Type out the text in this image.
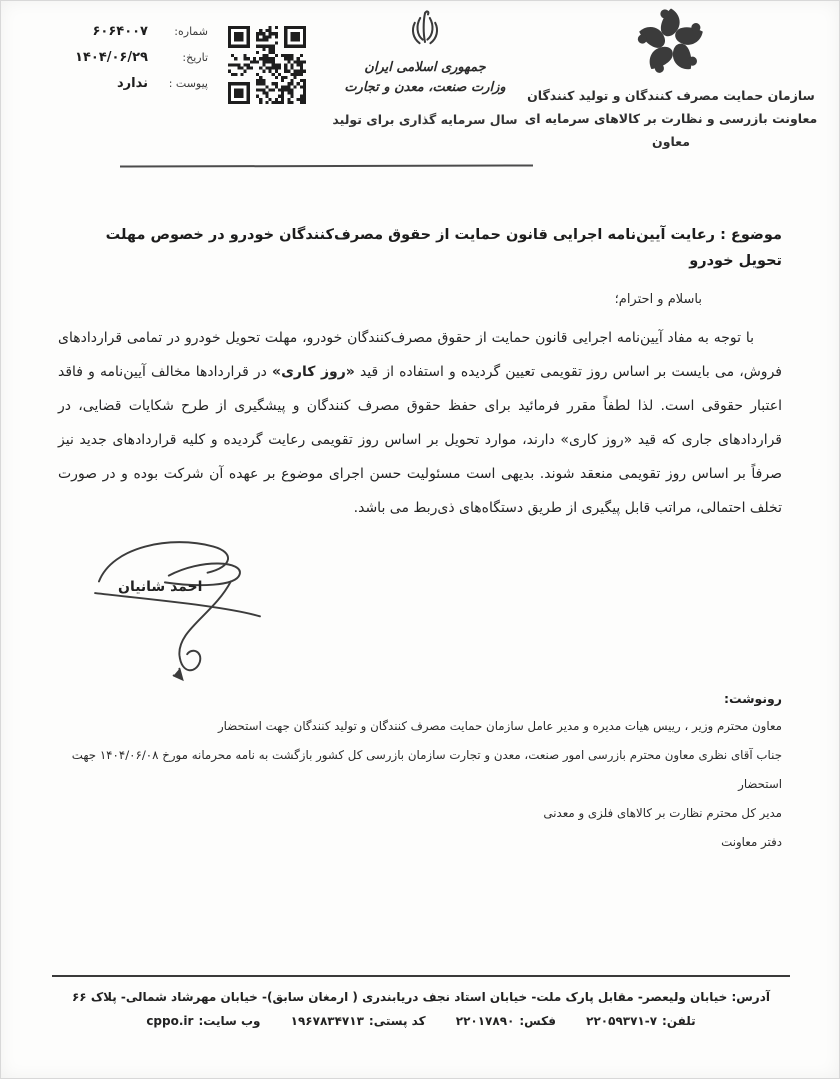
سازمان حمایت مصرف کنندگان و تولید کنندگان
معاونت بازرسی و نظارت بر کالاهای سرمایه ای
معاون
جمهوری اسلامی ایران
وزارت صنعت، معدن و تجارت
سال سرمایه گذاری برای تولید
شماره:
۶۰۶۴۰۰۷
تاریخ:
۱۴۰۴/۰۶/۲۹
پیوست :
ندارد
موضوع : رعایت آیین‌نامه اجرایی قانون حمایت از حقوق مصرف‌کنندگان خودرو در خصوص مهلت تحویل خودرو
باسلام و احترام؛
با توجه به مفاد آیین‌نامه اجرایی قانون حمایت از حقوق مصرف‌کنندگان خودرو، مهلت تحویل خودرو در تمامی قراردادهای فروش، می بایست بر اساس روز تقویمی تعیین گردیده و استفاده از قید «روز کاری» در قراردادها مخالف آیین‌نامه و فاقد اعتبار حقوقی است. لذا لطفاً مقرر فرمائید برای حفظ حقوق مصرف کنندگان و پیشگیری از طرح شکایات قضایی، در قراردادهای جاری که قید «روز کاری» دارند، موارد تحویل بر اساس روز تقویمی رعایت گردیده و کلیه قراردادهای جدید نیز صرفاً بر اساس روز تقویمی منعقد شوند. بدیهی است مسئولیت حسن اجرای موضوع بر عهده آن شرکت بوده و در صورت تخلف احتمالی، مراتب قابل پیگیری از طریق دستگاه‌های ذی‌ربط می باشد.
احمد شانیان
رونوشت:
معاون محترم وزیر ، رییس هیات مدیره و مدیر عامل سازمان حمایت مصرف کنندگان و تولید کنندگان جهت استحضار
جناب آقای نظری معاون محترم بازرسی امور صنعت، معدن و تجارت سازمان بازرسی کل کشور بازگشت به نامه محرمانه مورخ ۱۴۰۴/۰۶/۰۸ جهت استحضار
مدیر کل محترم نظارت بر کالاهای فلزی و معدنی
دفتر معاونت
آدرس: خیابان ولیعصر- مقابل پارک ملت- خیابان استاد نجف دریابندری ( ارمغان سابق)- خیابان مهرشاد شمالی- پلاک ۶۶
تلفن:۷-۲۲۰۵۹۳۷۱ فکس:۲۲۰۱۷۸۹۰ کد پستی:۱۹۶۷۸۳۴۷۱۳ وب سایت:cppo.ir
